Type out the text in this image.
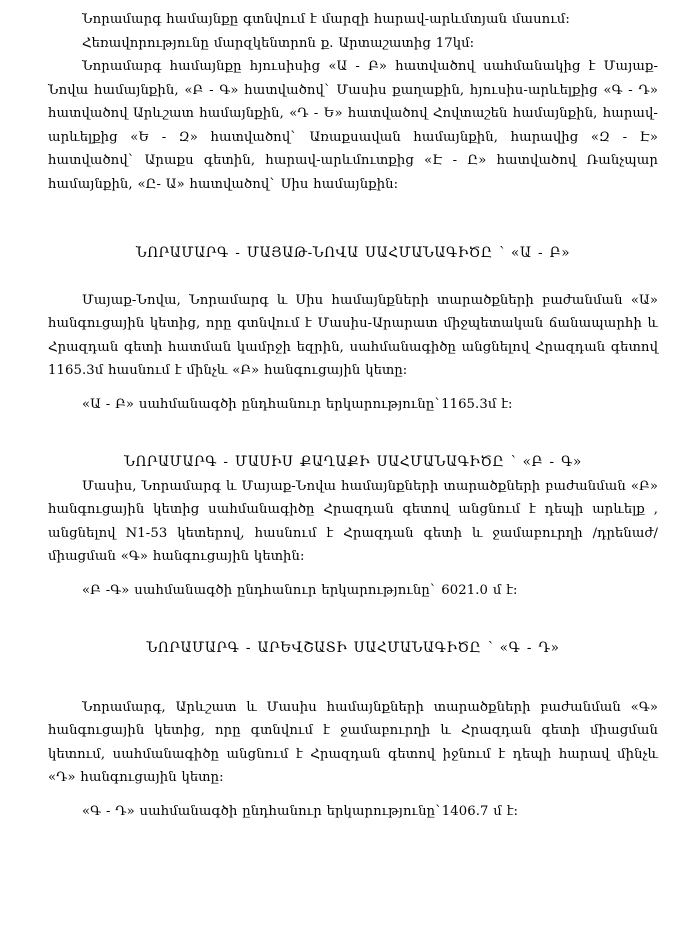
Նորամարգ համայնքը գտնվում է մարզի հարավ-արևմտյան մասում:

Հեռավորությունը մարզկենտրոն ք. Արտաշատից 17կմ:

Նորամարգ համայնքը հյուսիսից «Ա - Բ» հատվածով սահմանակից է Մայաք-Նովա համայնքին, «Բ - Գ» հատվածով` Մասիս քաղաքին, հյուսիս-արևելքից «Գ - Դ» հատվածով Արևշատ համայնքին, «Դ - Ե» հատվածով Հովտաշեն համայնքին, հարավ-արևելքից «Ե - Զ» հատվածով` Առաքսավան համայնքին, հարավից «Զ - Է» հատվածով` Արաքս գետին, հարավ-արևմուտքից «Է - Ը» հատվածով Ռանչպար համայնքին, «Ը- Ա» հատվածով` Սիս համայնքին:

ՆՈՐԱՄԱՐԳ - ՄԱՅԱԹ-ՆՈՎԱ ՍԱՀՄԱՆԱԳԻԾԸ ՝ «Ա - Բ»

Մայաք-Նովա, Նորամարգ և Սիս համայնքների տարածքների բաժանման «Ա» հանգուցային կետից, որը գտնվում է Մասիս-Արարատ միջպետական ճանապարհի և Հրազդան գետի հատման կամրջի եզրին, սահմանագիծը անցնելով Հրազդան գետով 1165.3մ հասնում է մինչև «Բ» հանգուցային կետը:

«Ա - Բ» սահմանագծի ընդհանուր երկարությունը`1165.3մ է:

ՆՈՐԱՄԱՐԳ - ՄԱՍԻՍ ՔԱՂԱՔԻ ՍԱՀՄԱՆԱԳԻԾԸ ՝ «Բ - Գ»

Մասիս, Նորամարգ և Մայաք-Նովա համայնքների տարածքների բաժանման «Բ» հանգուցային կետից սահմանագիծը Հրազդան գետով անցնում է դեպի արևելք , անցնելով N1-53 կետերով, հասնում է Հրազդան գետի և ջամաբուրղի /դրենաժ/ միացման «Գ» հանգուցային կետին:

«Բ -Գ» սահմանագծի ընդհանուր երկարությունը` 6021.0 մ է:

ՆՈՐԱՄԱՐԳ - ԱՐԵՎՇԱՏԻ ՍԱՀՄԱՆԱԳԻԾԸ ՝ «Գ - Դ»

Նորամարգ, Արևշատ և Մասիս համայնքների տարածքների բաժանման «Գ» հանգուցային կետից, որը գտնվում է ջամաբուրղի և Հրազդան գետի միացման կետում, սահմանագիծը անցնում է Հրազդան գետով իջնում է դեպի հարավ մինչև «Դ» հանգուցային կետը:

«Գ - Դ» սահմանագծի ընդհանուր երկարությունը`1406.7 մ է:
